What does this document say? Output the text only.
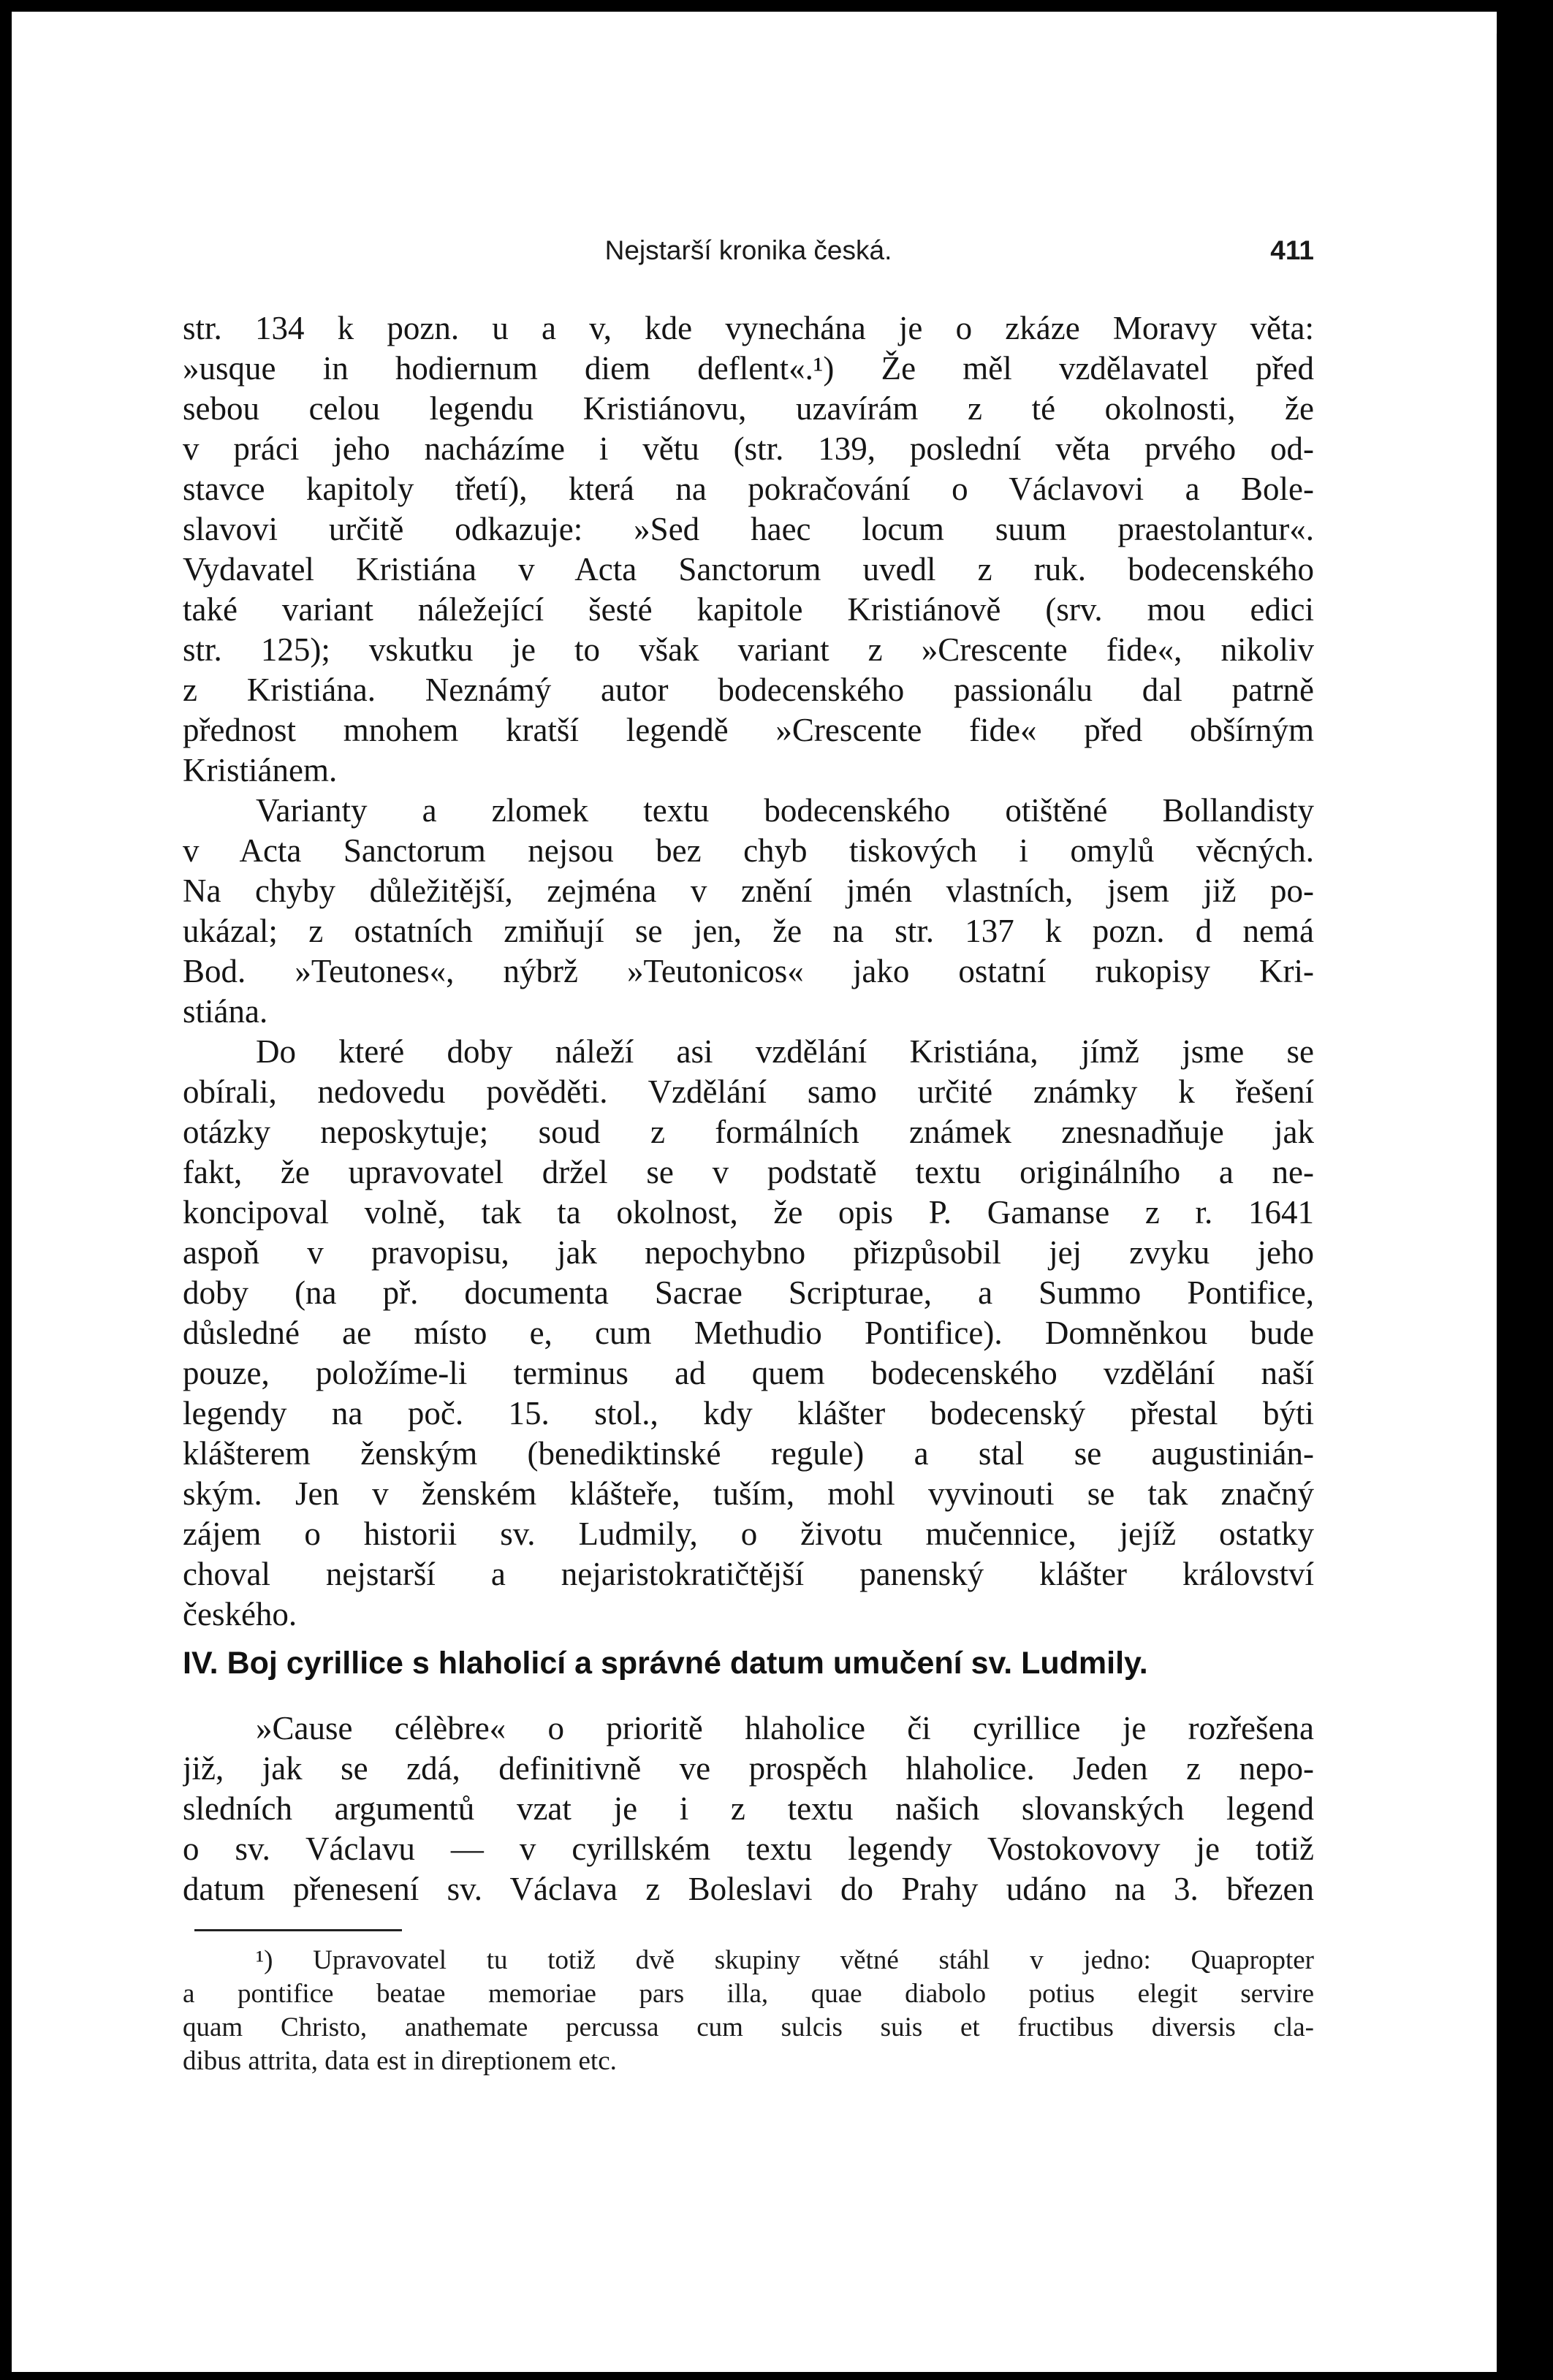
Nejstarší kronika česká.	411
str. 134 k pozn. u a v, kde vynechána je o zkáze Moravy věta:
»usque in hodiernum diem deflent«.¹) Že měl vzdělavatel před
sebou celou legendu Kristiánovu, uzavírám z té okolnosti, že
v práci jeho nacházíme i větu (str. 139, poslední věta prvého od-
stavce kapitoly třetí), která na pokračování o Václavovi a Bole-
slavovi určitě odkazuje: »Sed haec locum suum praestolantur«.
Vydavatel Kristiána v Acta Sanctorum uvedl z ruk. bodecenského
také variant náležející šesté kapitole Kristiánově (srv. mou edici
str. 125); vskutku je to však variant z »Crescente fide«, nikoliv
z Kristiána. Neznámý autor bodecenského passionálu dal patrně
přednost mnohem kratší legendě »Crescente fide« před obšírným
Kristiánem.
Varianty a zlomek textu bodecenského otištěné Bollandisty
v Acta Sanctorum nejsou bez chyb tiskových i omylů věcných.
Na chyby důležitější, zejména v znění jmén vlastních, jsem již po-
ukázal; z ostatních zmiňují se jen, že na str. 137 k pozn. d nemá
Bod. »Teutones«, nýbrž »Teutonicos« jako ostatní rukopisy Kri-
stiána.
Do které doby náleží asi vzdělání Kristiána, jímž jsme se
obírali, nedovedu pověděti. Vzdělání samo určité známky k řešení
otázky neposkytuje; soud z formálních známek znesnadňuje jak
fakt, že upravovatel držel se v podstatě textu originálního a ne-
koncipoval volně, tak ta okolnost, že opis P. Gamanse z r. 1641
aspoň v pravopisu, jak nepochybno přizpůsobil jej zvyku jeho
doby (na př. documenta Sacrae Scripturae, a Summo Pontifice,
důsledné ae místo e, cum Methudio Pontifice). Domněnkou bude
pouze, položíme-li terminus ad quem bodecenského vzdělání naší
legendy na poč. 15. stol., kdy klášter bodecenský přestal býti
klášterem ženským (benediktinské regule) a stal se augustinián-
ským. Jen v ženském klášteře, tuším, mohl vyvinouti se tak značný
zájem o historii sv. Ludmily, o životu mučennice, jejíž ostatky
choval nejstarší a nejaristokratičtější panenský klášter království
českého.
IV. Boj cyrillice s hlaholicí a správné datum umučení sv. Ludmily.
»Cause célèbre« o prioritě hlaholice či cyrillice je rozřešena
již, jak se zdá, definitivně ve prospěch hlaholice. Jeden z nepo-
sledních argumentů vzat je i z textu našich slovanských legend
o sv. Václavu — v cyrillském textu legendy Vostokovovy je totiž
datum přenesení sv. Václava z Boleslavi do Prahy udáno na 3. březen
¹) Upravovatel tu totiž dvě skupiny větné stáhl v jedno: Quapropter
a pontifice beatae memoriae pars illa, quae diabolo potius elegit servire
quam Christo, anathemate percussa cum sulcis suis et fructibus diversis cla-
dibus attrita, data est in direptionem etc.
